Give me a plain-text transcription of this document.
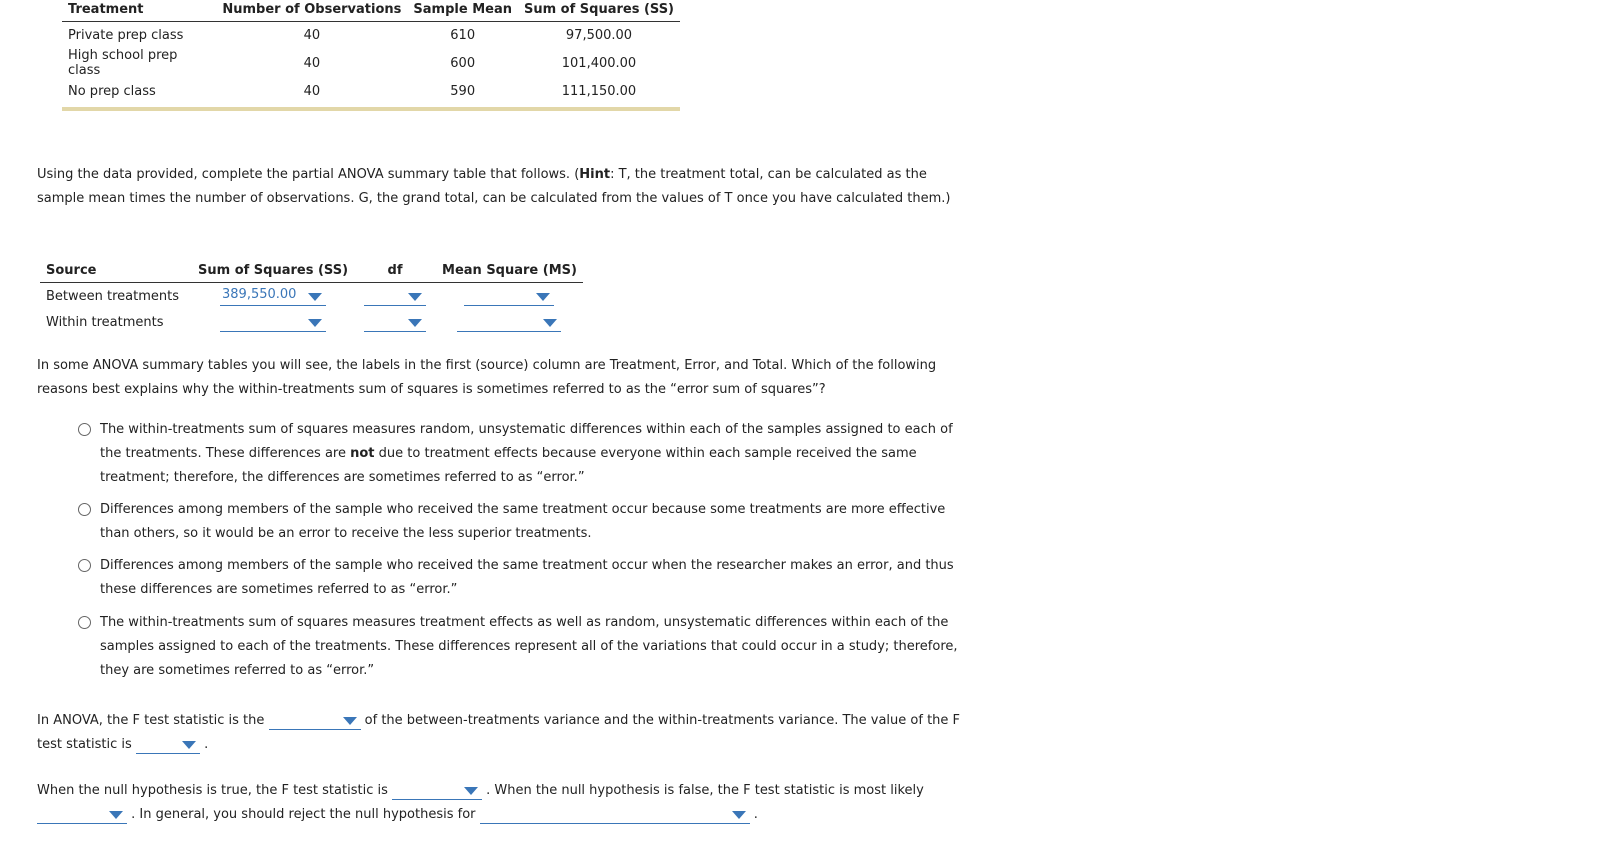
Treatment	Number of Observations	Sample Mean	Sum of Squares (SS)
Private prep class	40	610	97,500.00
High school prep class	40	600	101,400.00
No prep class	40	590	111,150.00
Using the data provided, complete the partial ANOVA summary table that follows. (Hint: T, the treatment total, can be calculated as the sample mean times the number of observations. G, the grand total, can be calculated from the values of T once you have calculated them.)
Source	Sum of Squares (SS)	df	Mean Square (MS)
Between treatments	389,550.00		

Within treatments	

In some ANOVA summary tables you will see, the labels in the first (source) column are Treatment, Error, and Total. Which of the following reasons best explains why the within-treatments sum of squares is sometimes referred to as the “error sum of squares”?
The within-treatments sum of squares measures random, unsystematic differences within each of the samples assigned to each of the treatments. These differences are not due to treatment effects because everyone within each sample received the same treatment; therefore, the differences are sometimes referred to as “error.”
Differences among members of the sample who received the same treatment occur because some treatments are more effective than others, so it would be an error to receive the less superior treatments.
Differences among members of the sample who received the same treatment occur when the researcher makes an error, and thus these differences are sometimes referred to as “error.”
The within-treatments sum of squares measures treatment effects as well as random, unsystematic differences within each of the samples assigned to each of the treatments. These differences represent all of the variations that could occur in a study; therefore, they are sometimes referred to as “error.”
In ANOVA, the F test statistic is the	of the between-treatments variance and the within-treatments variance. The value of the F
test statistic is	.
When the null hypothesis is true, the F test statistic is	. When the null hypothesis is false, the F test statistic is most likely

. In general, you should reject the null hypothesis for	.
